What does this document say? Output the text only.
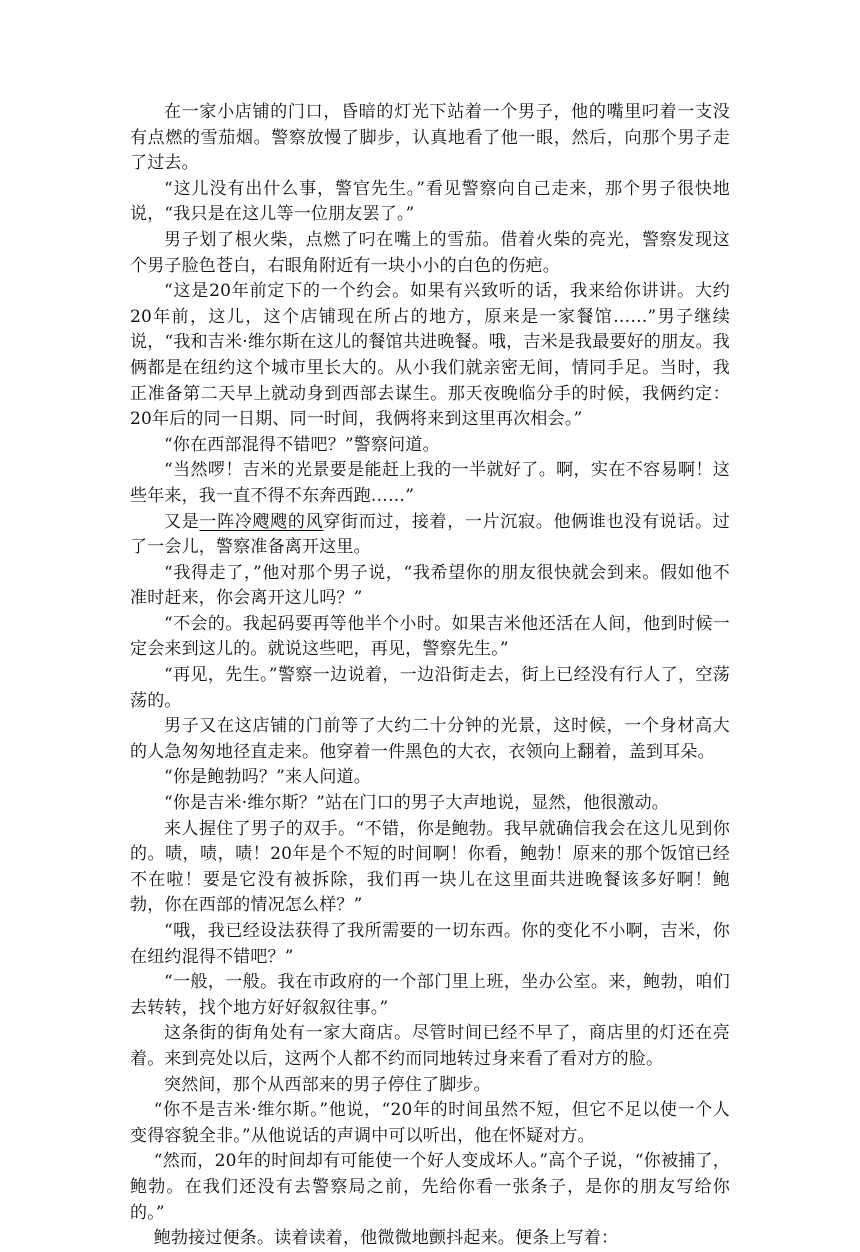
在一家小店铺的门口，昏暗的灯光下站着一个男子，他的嘴里叼着一支没有点燃的雪茄烟。警察放慢了脚步，认真地看了他一眼，然后，向那个男子走了过去。

“这儿没有出什么事，警官先生。”看见警察向自己走来，那个男子很快地说，“我只是在这儿等一位朋友罢了。”

男子划了根火柴，点燃了叼在嘴上的雪茄。借着火柴的亮光，警察发现这个男子脸色苍白，右眼角附近有一块小小的白色的伤疤。

“这是20年前定下的一个约会。如果有兴致听的话，我来给你讲讲。大约20年前，这儿，这个店铺现在所占的地方，原来是一家餐馆……”男子继续说，“我和吉米·维尔斯在这儿的餐馆共进晚餐。哦，吉米是我最要好的朋友。我俩都是在纽约这个城市里长大的。从小我们就亲密无间，情同手足。当时，我正准备第二天早上就动身到西部去谋生。那天夜晚临分手的时候，我俩约定：20年后的同一日期、同一时间，我俩将来到这里再次相会。”

“你在西部混得不错吧？”警察问道。

“当然啰！吉米的光景要是能赶上我的一半就好了。啊，实在不容易啊！这些年来，我一直不得不东奔西跑……”

又是一阵冷飕飕的风穿街而过，接着，一片沉寂。他俩谁也没有说话。过了一会儿，警察准备离开这里。

“我得走了，”他对那个男子说，“我希望你的朋友很快就会到来。假如他不准时赶来，你会离开这儿吗？”

“不会的。我起码要再等他半个小时。如果吉米他还活在人间，他到时候一定会来到这儿的。就说这些吧，再见，警察先生。”

“再见，先生。”警察一边说着，一边沿街走去，街上已经没有行人了，空荡荡的。

男子又在这店铺的门前等了大约二十分钟的光景，这时候，一个身材高大的人急匆匆地径直走来。他穿着一件黑色的大衣，衣领向上翻着，盖到耳朵。

“你是鲍勃吗？”来人问道。

“你是吉米·维尔斯？”站在门口的男子大声地说，显然，他很激动。

来人握住了男子的双手。“不错，你是鲍勃。我早就确信我会在这儿见到你的。啧，啧，啧！20年是个不短的时间啊！你看，鲍勃！原来的那个饭馆已经不在啦！要是它没有被拆除，我们再一块儿在这里面共进晚餐该多好啊！鲍勃，你在西部的情况怎么样？”

“哦，我已经设法获得了我所需要的一切东西。你的变化不小啊，吉米，你在纽约混得不错吧？”

“一般，一般。我在市政府的一个部门里上班，坐办公室。来，鲍勃，咱们去转转，找个地方好好叙叙往事。”

这条街的街角处有一家大商店。尽管时间已经不早了，商店里的灯还在亮着。来到亮处以后，这两个人都不约而同地转过身来看了看对方的脸。

突然间，那个从西部来的男子停住了脚步。

“你不是吉米·维尔斯。”他说，“20年的时间虽然不短，但它不足以使一个人变得容貌全非。”从他说话的声调中可以听出，他在怀疑对方。

“然而，20年的时间却有可能使一个好人变成坏人。”高个子说，“你被捕了，鲍勃。在我们还没有去警察局之前，先给你看一张条子，是你的朋友写给你的。”

鲍勃接过便条。读着读着，他微微地颤抖起来。便条上写着：
